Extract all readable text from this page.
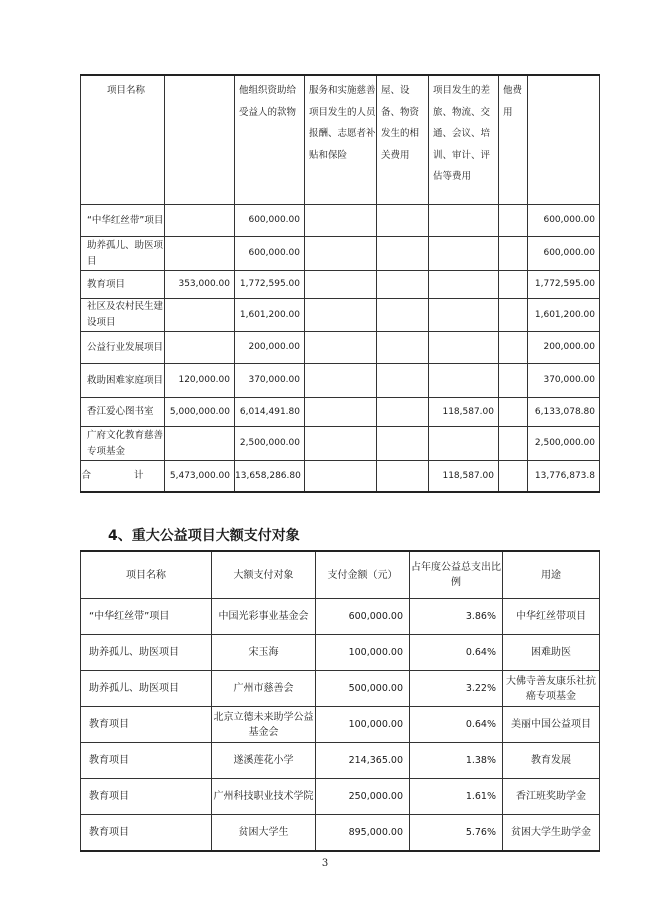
项目名称		他组织资助给受益人的款物	服务和实施慈善项目发生的人员报酬、志愿者补贴和保险	屋、设备、物资发生的相关费用	项目发生的差旅、物流、交通、会议、培训、审计、评估等费用	他费用	
“中华红丝带”项目		600,000.00					600,000.00
助养孤儿、助医项目		600,000.00					600,000.00
教育项目	353,000.00	1,772,595.00					1,772,595.00
社区及农村民生建设项目		1,601,200.00					1,601,200.00
公益行业发展项目		200,000.00					200,000.00
救助困难家庭项目	120,000.00	370,000.00					370,000.00
香江爱心图书室	5,000,000.00	6,014,491.80			118,587.00		6,133,078.80
广府文化教育慈善专项基金		2,500,000.00					2,500,000.00
合 计	5,473,000.00	13,658,286.80			118,587.00		13,776,873.8
4、重大公益项目大额支付对象
项目名称	大额支付对象	支付金额（元）	占年度公益总支出比例	用途
“中华红丝带”项目	中国光彩事业基金会	600,000.00	3.86%	中华红丝带项目
助养孤儿、助医项目	宋玉海	100,000.00	0.64%	困难助医
助养孤儿、助医项目	广州市慈善会	500,000.00	3.22%	大佛寺善友康乐社抗癌专项基金
教育项目	北京立德未来助学公益基金会	100,000.00	0.64%	美丽中国公益项目
教育项目	遂溪莲花小学	214,365.00	1.38%	教育发展
教育项目	广州科技职业技术学院	250,000.00	1.61%	香江班奖助学金
教育项目	贫困大学生	895,000.00	5.76%	贫困大学生助学金
3
